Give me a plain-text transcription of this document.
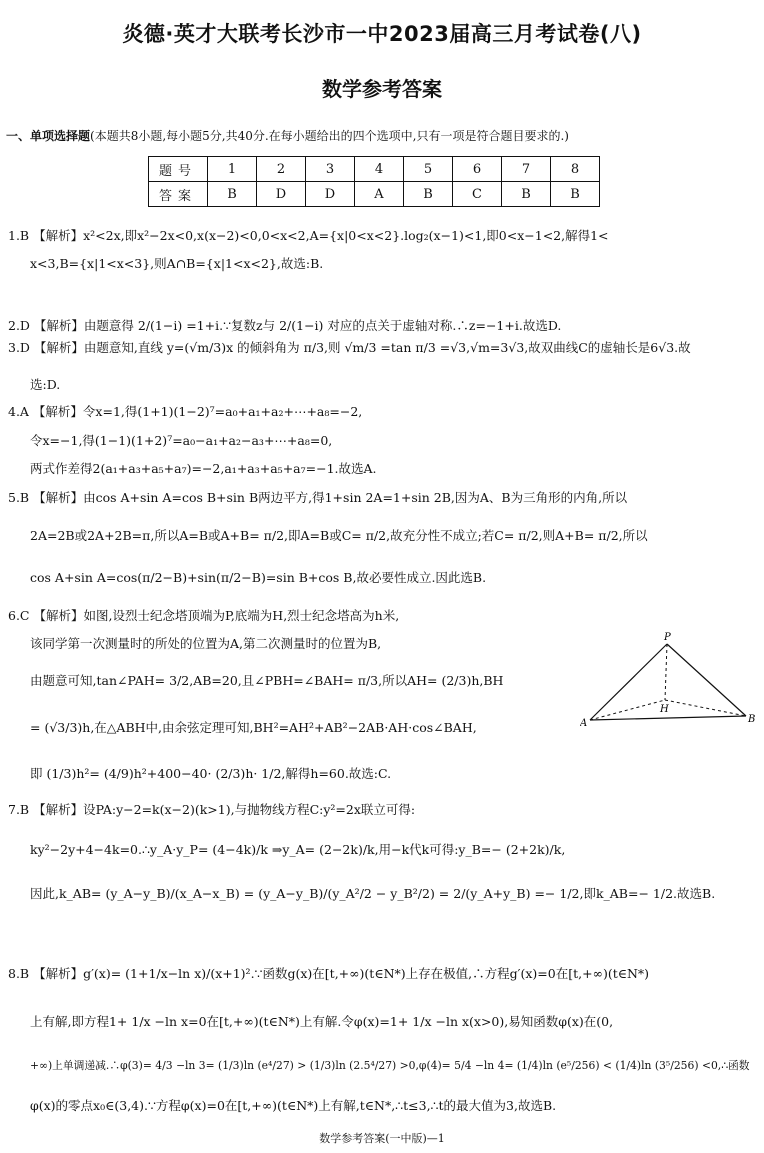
炎德·英才大联考长沙市一中2023届高三月考试卷(八)
数学参考答案
一、单项选择题(本题共8小题,每小题5分,共40分.在每小题给出的四个选项中,只有一项是符合题目要求的.)
题号	1	2	3	4	5	6	7	8
答案	B	D	D	A	B	C	B	B
1.B 【解析】x²<2x,即x²−2x<0,x(x−2)<0,0<x<2,A={x|0<x<2}.log₂(x−1)<1,即0<x−1<2,解得1<
x<3,B={x|1<x<3},则A∩B={x|1<x<2},故选:B.
2.D 【解析】由题意得 2/(1−i) =1+i.∵复数z与 2/(1−i) 对应的点关于虚轴对称.∴z=−1+i.故选D.
3.D 【解析】由题意知,直线 y=(√m/3)x 的倾斜角为 π/3,则 √m/3 =tan π/3 =√3,√m=3√3,故双曲线C的虚轴长是6√3.故
选:D.
4.A 【解析】令x=1,得(1+1)(1−2)⁷=a₀+a₁+a₂+⋯+a₈=−2,
令x=−1,得(1−1)(1+2)⁷=a₀−a₁+a₂−a₃+⋯+a₈=0,
两式作差得2(a₁+a₃+a₅+a₇)=−2,a₁+a₃+a₅+a₇=−1.故选A.
5.B 【解析】由cos A+sin A=cos B+sin B两边平方,得1+sin 2A=1+sin 2B,因为A、B为三角形的内角,所以
2A=2B或2A+2B=π,所以A=B或A+B= π/2,即A=B或C= π/2,故充分性不成立;若C= π/2,则A+B= π/2,所以
cos A+sin A=cos(π/2−B)+sin(π/2−B)=sin B+cos B,故必要性成立.因此选B.
6.C 【解析】如图,设烈士纪念塔顶端为P,底端为H,烈士纪念塔高为h米,
该同学第一次测量时的所处的位置为A,第二次测量时的位置为B,
由题意可知,tan∠PAH= 3/2,AB=20,且∠PBH=∠BAH= π/3,所以AH= (2/3)h,BH
= (√3/3)h,在△ABH中,由余弦定理可知,BH²=AH²+AB²−2AB·AH·cos∠BAH,
即 (1/3)h²= (4/9)h²+400−40· (2/3)h· 1/2,解得h=60.故选:C.
P
H
A	B
7.B 【解析】设PA:y−2=k(x−2)(k>1),与抛物线方程C:y²=2x联立可得:
ky²−2y+4−4k=0.∴y_A·y_P= (4−4k)/k ⇒y_A= (2−2k)/k,用−k代k可得:y_B=− (2+2k)/k,
因此,k_AB= (y_A−y_B)/(x_A−x_B) = (y_A−y_B)/(y_A²/2 − y_B²/2) = 2/(y_A+y_B) =− 1/2,即k_AB=− 1/2.故选B.
8.B 【解析】g′(x)= (1+1/x−ln x)/(x+1)².∵函数g(x)在[t,+∞)(t∈N*)上存在极值,∴方程g′(x)=0在[t,+∞)(t∈N*)
上有解,即方程1+ 1/x −ln x=0在[t,+∞)(t∈N*)上有解.令φ(x)=1+ 1/x −ln x(x>0),易知函数φ(x)在(0,
+∞)上单调递减.∴φ(3)= 4/3 −ln 3= (1/3)ln (e⁴/27) > (1/3)ln (2.5⁴/27) >0,φ(4)= 5/4 −ln 4= (1/4)ln (e⁵/256) < (1/4)ln (3⁵/256) <0,∴函数
φ(x)的零点x₀∈(3,4).∵方程φ(x)=0在[t,+∞)(t∈N*)上有解,t∈N*,∴t≤3,∴t的最大值为3,故选B.
数学参考答案(一中版)—1
